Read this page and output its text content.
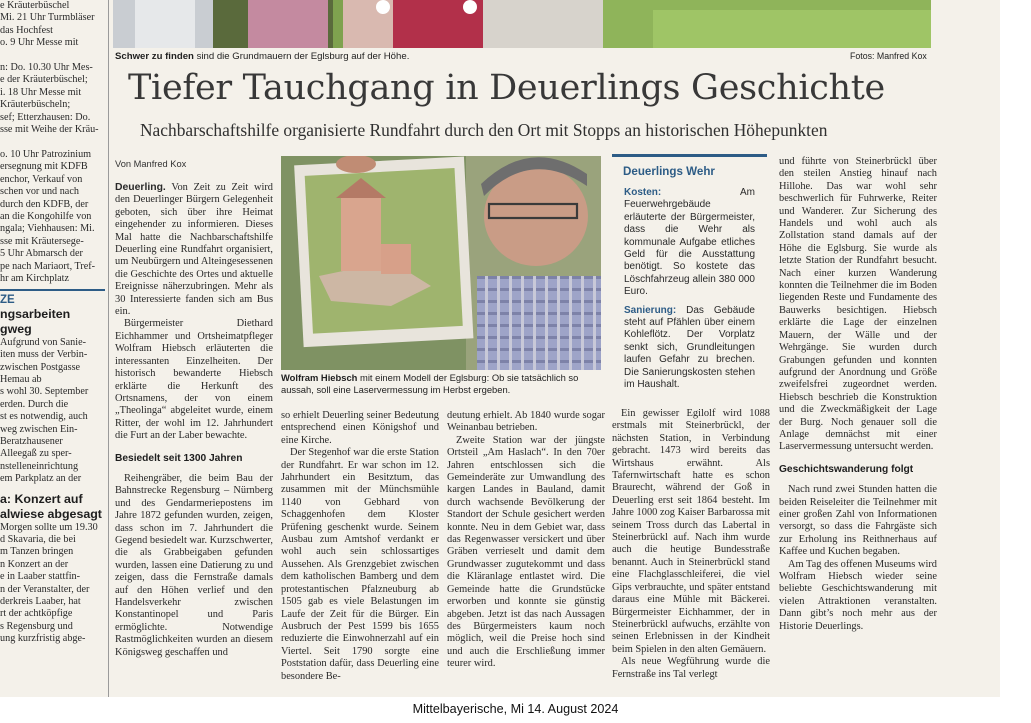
e Kräuterbüschel
Mi. 21 Uhr Turmbläser
das Hochfest
o. 9 Uhr Messe mit

n: Do. 10.30 Uhr Mes-
e der Kräuterbüschel;
i. 18 Uhr Messe mit
Kräuterbüscheln;
sef; Etterzhausen: Do.
sse mit Weihe der Kräu-

o. 10 Uhr Patrozinium
ersegnung mit KDFB
enchor, Verkauf von
schen vor und nach
durch den KDFB, der
an die Kongohilfe von
ngala; Viehhausen: Mi.
sse mit Kräutersege-
5 Uhr Abmarsch der
pe nach Mariaort, Tref-
hr am Kirchplatz
ZE
ngsarbeiten
gweg
Aufgrund von Sanie-
iten muss der Verbin-
zwischen Postgasse
Hemau ab
s wohl 30. September
erden. Durch die
st es notwendig, auch
weg zwischen Ein-
Beratzhausener
Alleegaß zu sper-
nstelleneinrichtung
em Parkplatz an der
a: Konzert auf
alwiese abgesagt
Morgen sollte um 19.30
d Skavaria, die bei
m Tanzen bringen
n Konzert an der
e in Laaber stattfin-
n der Veranstalter, der
derkreis Laaber, hat
rt der achtköpfige
s Regensburg und
ung kurzfristig abge-
Schwer zu finden sind die Grundmauern der Eglsburg auf der Höhe.	Fotos: Manfred Kox
Tiefer Tauchgang in Deuerlings Geschichte
Nachbarschaftshilfe organisierte Rundfahrt durch den Ort mit Stopps an historischen Höhepunkten
Von Manfred Kox

Deuerling. Von Zeit zu Zeit wird den Deuerlinger Bürgern Gelegenheit geboten, sich über ihre Heimat eingehender zu informieren. Dieses Mal hatte die Nachbarschaftshilfe Deuerling eine Rundfahrt organisiert, um Neubürgern und Alteingesessenen die Geschichte des Ortes und aktuelle Ereignisse näherzubringen. Mehr als 30 Interessierte fanden sich am Bus ein.

Bürgermeister Diethard Eichhammer und Ortsheimatpfleger Wolfram Hiebsch erläuterten die interessanten Einzelheiten. Der historisch bewanderte Hiebsch erklärte die Herkunft des Ortsnamens, der von einem „Theolinga“ abgeleitet wurde, einem Ritter, der wohl im 12. Jahrhundert die Furt an der Laber bewachte.

Besiedelt seit 1300 Jahren

Reihengräber, die beim Bau der Bahnstrecke Regensburg – Nürnberg und des Gendarmeriepostens im Jahre 1872 gefunden wurden, zeigen, dass schon im 7. Jahrhundert die Gegend besiedelt war. Kurzschwerter, die als Grabbeigaben gefunden wurden, lassen eine Datierung zu und zeigen, dass die Fernstraße damals auf den Höhen verlief und den Handelsverkehr zwischen Konstantinopel und Paris ermöglichte. Notwendige Rastmöglichkeiten wurden an diesem Königsweg geschaffen und

Wolfram Hiebsch mit einem Modell der Eglsburg: Ob sie tatsächlich so aussah, soll eine Laservermessung im Herbst ergeben.

so erhielt Deuerling seiner Bedeutung entsprechend einen Königshof und eine Kirche.

Der Stegenhof war die erste Station der Rundfahrt. Er war schon im 12. Jahrhundert ein Besitztum, das zusammen mit der Münchsmühle 1140 von Gebhard von Schaggenhofen dem Kloster Prüfening geschenkt wurde. Seinem Ausbau zum Amtshof verdankt er wohl auch sein schlossartiges Aussehen. Als Grenzgebiet zwischen dem katholischen Bamberg und dem protestantischen Pfalzneuburg ab 1505 gab es viele Belastungen im Laufe der Zeit für die Bürger. Ein Ausbruch der Pest 1599 bis 1655 reduzierte die Einwohnerzahl auf ein Viertel. Seit 1790 sorgte eine Poststation dafür, dass Deuerling eine besondere Be-

deutung erhielt. Ab 1840 wurde sogar Weinanbau betrieben.

Zweite Station war der jüngste Ortsteil „Am Haslach“. In den 70er Jahren entschlossen sich die Gemeinderäte zur Umwandlung des kargen Landes in Bauland, damit durch wachsende Bevölkerung der Standort der Schule gesichert werden konnte. Neu in dem Gebiet war, dass das Regenwasser versickert und über Gräben verrieselt und damit dem Grundwasser zugutekommt und dass die Kläranlage entlastet wird. Die Gemeinde hatte die Grundstücke erworben und konnte sie günstig abgeben. Jetzt ist das nach Aussagen des Bürgermeisters kaum noch möglich, weil die Preise hoch sind und auch die Erschließung immer teurer wird.

Deuerlings Wehr

Kosten: Am Feuerwehrgebäude erläuterte der Bürgermeister, dass die Wehr als kommunale Aufgabe etliches Geld für die Ausstattung benötigt. So kostete das Löschfahrzeug allein 380 000 Euro.

Sanierung: Das Gebäude steht auf Pfählen über einem Kohleflötz. Der Vorplatz senkt sich, Grundleitungen laufen Gefahr zu brechen. Die Sanierungskosten stehen im Haushalt.

Ein gewisser Egilolf wird 1088 erstmals mit Steinerbrückl, der nächsten Station, in Verbindung gebracht. 1473 wird bereits das Wirtshaus erwähnt. Als Tafernwirtschaft hatte es schon Braurecht, während der Goß in Deuerling erst seit 1864 besteht. Im Jahre 1000 zog Kaiser Barbarossa mit seinem Tross durch das Labertal in Steinerbrückl auf. Nach ihm wurde auch die heutige Bundesstraße benannt. Auch in Steinerbrückl stand eine Flachglasschleiferei, die viel Gips verbrauchte, und später entstand daraus eine Mühle mit Bäckerei. Bürgermeister Eichhammer, der in Steinerbrückl aufwuchs, erzählte von seinen Erlebnissen in der Kindheit beim Spielen in den alten Gemäuern.

Als neue Wegführung wurde die Fernstraße ins Tal verlegt

und führte von Steinerbrückl über den steilen Anstieg hinauf nach Hillohe. Das war wohl sehr beschwerlich für Fuhrwerke, Reiter und Wanderer. Zur Sicherung des Handels und wohl auch als Zollstation stand damals auf der Höhe die Eglsburg. Sie wurde als letzte Station der Rundfahrt besucht. Nach einer kurzen Wanderung konnten die Teilnehmer die im Boden liegenden Reste und Fundamente des Bauwerks besichtigen. Hiebsch erklärte die Lage der einzelnen Mauern, der Wälle und der Wehrgänge. Sie wurden durch Grabungen gefunden und konnten aufgrund der Anordnung und Größe zweifelsfrei zugeordnet werden. Hiebsch beschrieb die Konstruktion und die Zweckmäßigkeit der Lage der Burg. Noch genauer soll die Anlage demnächst mit einer Laservermessung untersucht werden.

Geschichtswanderung folgt

Nach rund zwei Stunden hatten die beiden Reiseleiter die Teilnehmer mit einer großen Zahl von Informationen versorgt, so dass die Fahrgäste sich zur Erholung ins Reithnerhaus auf Kaffee und Kuchen begaben.

Am Tag des offenen Museums wird Wolfram Hiebsch wieder seine beliebte Geschichtswanderung mit vielen Attraktionen veranstalten. Dann gibt’s noch mehr aus der Historie Deuerlings.

Mittelbayerische, Mi 14. August 2024
